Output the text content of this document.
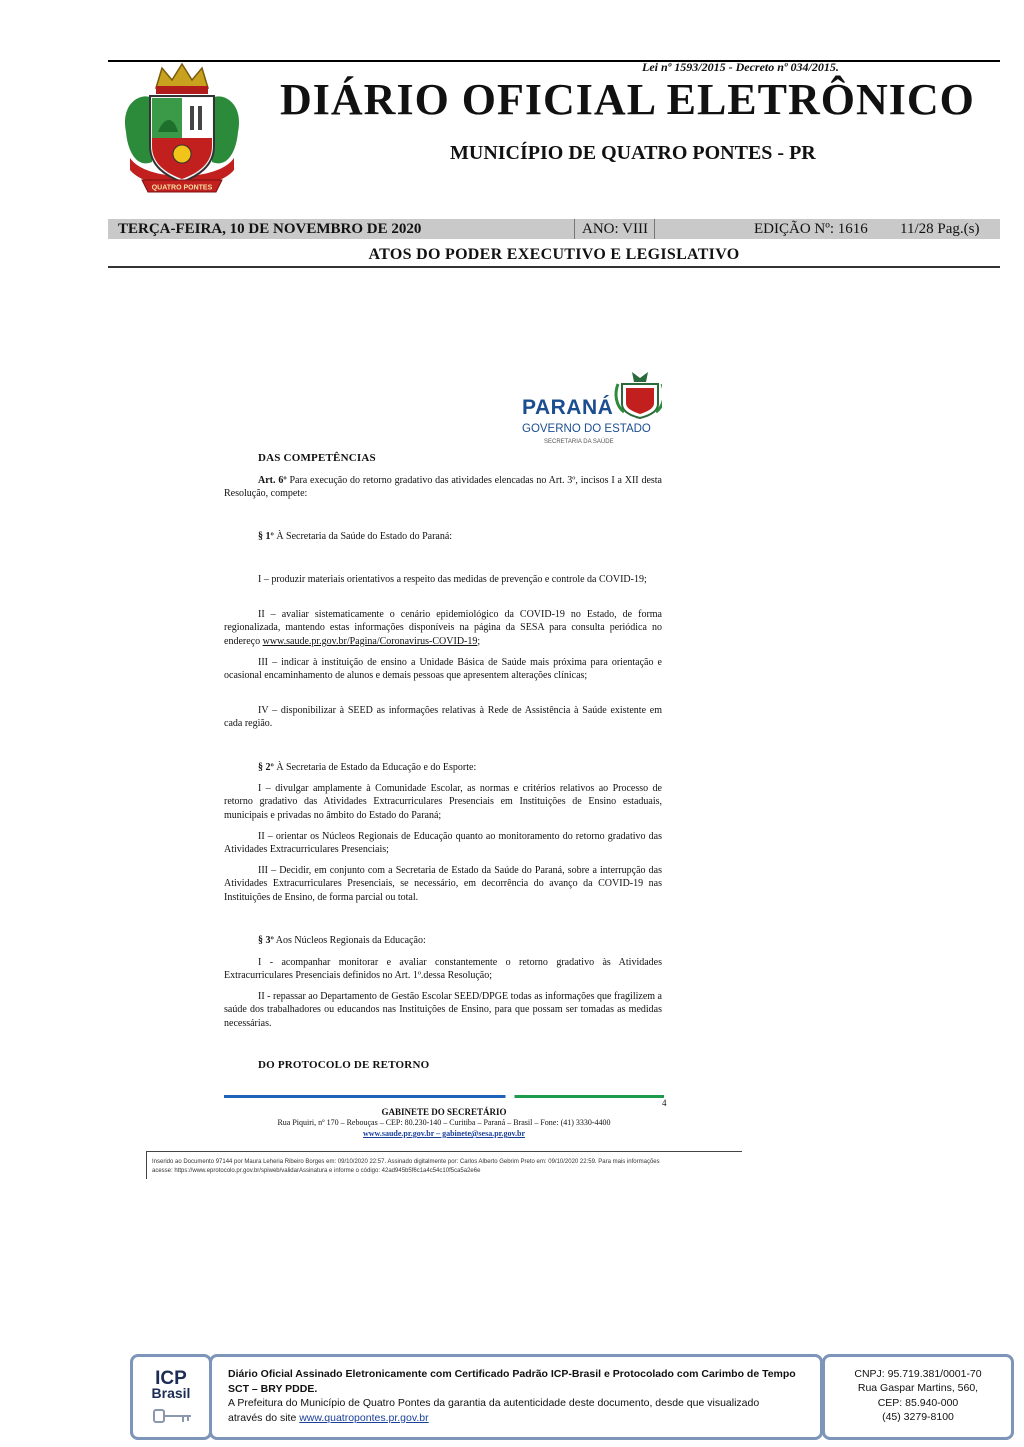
Lei nº 1593/2015 - Decreto nº 034/2015.
QUATRO PONTES
DIÁRIO OFICIAL ELETRÔNICO
MUNICÍPIO DE QUATRO PONTES - PR
TERÇA-FEIRA, 10 DE NOVEMBRO DE 2020	ANO: VIII	EDIÇÃO Nº: 1616 11/28 Pag.(s)
ATOS DO PODER EXECUTIVO E LEGISLATIVO
PARANÁ
GOVERNO DO ESTADO
SECRETARIA DA SAÚDE
DAS COMPETÊNCIAS
Art. 6º Para execução do retorno gradativo das atividades elencadas no Art. 3º, incisos I a XII desta Resolução, compete:
§ 1º À Secretaria da Saúde do Estado do Paraná:
I – produzir materiais orientativos a respeito das medidas de prevenção e controle da COVID-19;
II – avaliar sistematicamente o cenário epidemiológico da COVID-19 no Estado, de forma regionalizada, mantendo estas informações disponíveis na página da SESA para consulta periódica no endereço www.saude.pr.gov.br/Pagina/Coronavirus-COVID-19;
III – indicar à instituição de ensino a Unidade Básica de Saúde mais próxima para orientação e ocasional encaminhamento de alunos e demais pessoas que apresentem alterações clínicas;
IV – disponibilizar à SEED as informações relativas à Rede de Assistência à Saúde existente em cada região.
§ 2º À Secretaria de Estado da Educação e do Esporte:
I – divulgar amplamente à Comunidade Escolar, as normas e critérios relativos ao Processo de retorno gradativo das Atividades Extracurriculares Presenciais em Instituições de Ensino estaduais, municipais e privadas no âmbito do Estado do Paraná;
II – orientar os Núcleos Regionais de Educação quanto ao monitoramento do retorno gradativo das Atividades Extracurriculares Presenciais;
III – Decidir, em conjunto com a Secretaria de Estado da Saúde do Paraná, sobre a interrupção das Atividades Extracurriculares Presenciais, se necessário, em decorrência do avanço da COVID-19 nas Instituições de Ensino, de forma parcial ou total.
§ 3º Aos Núcleos Regionais da Educação:
I - acompanhar monitorar e avaliar constantemente o retorno gradativo às Atividades Extracurriculares Presenciais definidos no Art. 1º.dessa Resolução;
II - repassar ao Departamento de Gestão Escolar SEED/DPGE todas as informações que fragilizem a saúde dos trabalhadores ou educandos nas Instituições de Ensino, para que possam ser tomadas as medidas necessárias.
DO PROTOCOLO DE RETORNO
4
GABINETE DO SECRETÁRIO
Rua Piquiri, nº 170 – Rebouças – CEP: 80.230-140 – Curitiba – Paraná – Brasil – Fone: (41) 3330-4400
www.saude.pr.gov.br – gabinete@sesa.pr.gov.br
Inserido ao Documento 97144 por Maura Leheria Ribeiro Borges em: 09/10/2020 22:57. Assinado digitalmente por: Carlos Alberto Gebrim Preto em: 09/10/2020 22:59. Para mais informações
acesse: https://www.eprotocolo.pr.gov.br/spiweb/validarAssinatura e informe o código: 42ad945b5f6c1a4c54c10f5ca5a2e6e
ICP
Brasil
Diário Oficial Assinado Eletronicamente com Certificado Padrão ICP-Brasil e Protocolado com Carimbo de Tempo
SCT – BRY PDDE.
A Prefeitura do Município de Quatro Pontes da garantia da autenticidade deste documento, desde que visualizado
através do site www.quatropontes.pr.gov.br
CNPJ: 95.719.381/0001-70
Rua Gaspar Martins, 560,
CEP: 85.940-000
(45) 3279-8100
